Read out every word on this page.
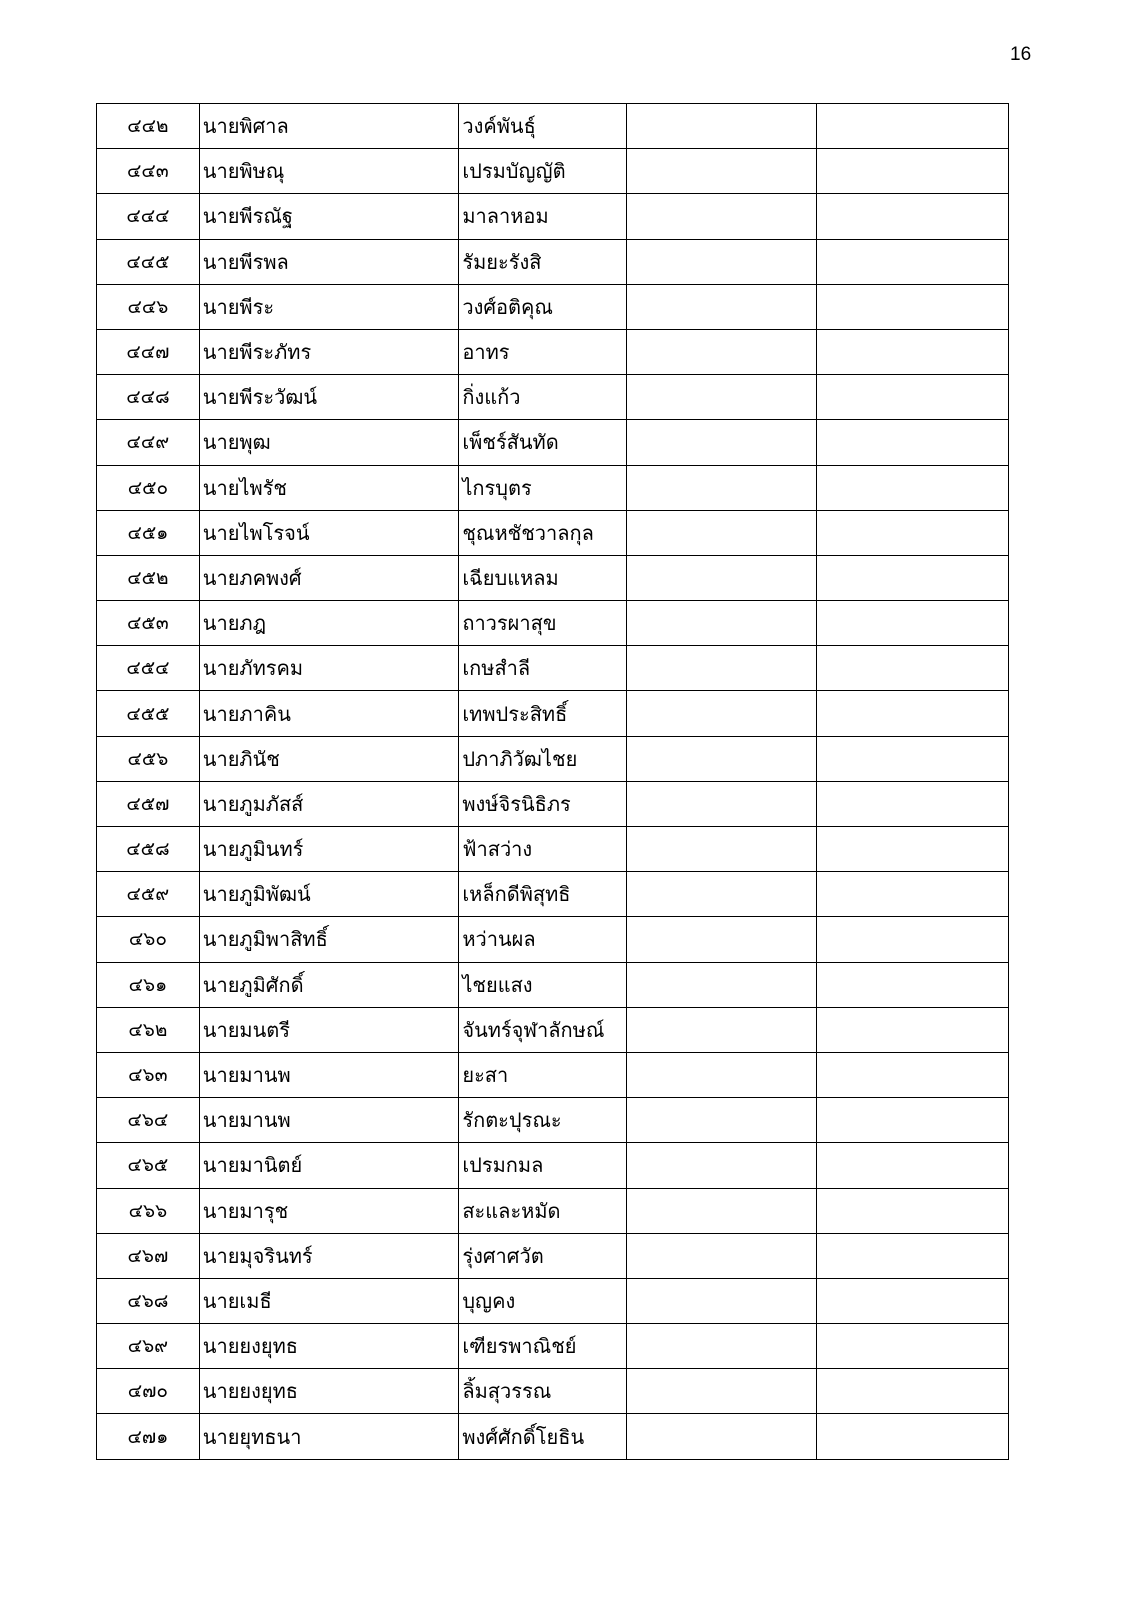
16
๔๔๒	นายพิศาล	วงค์พันธุ์		
๔๔๓	นายพิษณุ	เปรมบัญญัติ		
๔๔๔	นายพีรณัฐ	มาลาหอม		
๔๔๕	นายพีรพล	รัมยะรังสิ		
๔๔๖	นายพีระ	วงศ์อติคุณ		
๔๔๗	นายพีระภัทร	อาทร		
๔๔๘	นายพีระวัฒน์	กิ่งแก้ว		
๔๔๙	นายพุฒ	เพ็ชร์สันทัด		
๔๕๐	นายไพรัช	ไกรบุตร		
๔๕๑	นายไพโรจน์	ชุณหชัชวาลกุล		
๔๕๒	นายภคพงศ์	เฉียบแหลม		
๔๕๓	นายภฎ	ถาวรผาสุข		
๔๕๔	นายภัทรคม	เกษสำลี		
๔๕๕	นายภาคิน	เทพประสิทธิ์		
๔๕๖	นายภินัช	ปภาภิวัฒไชย		
๔๕๗	นายภูมภัสส์	พงษ์จิรนิธิภร		
๔๕๘	นายภูมินทร์	ฟ้าสว่าง		
๔๕๙	นายภูมิพัฒน์	เหล็กดีพิสุทธิ		
๔๖๐	นายภูมิพาสิทธิ์	หว่านผล		
๔๖๑	นายภูมิศักดิ์	ไชยแสง		
๔๖๒	นายมนตรี	จันทร์จุฬาลักษณ์		
๔๖๓	นายมานพ	ยะสา		
๔๖๔	นายมานพ	รักตะปุรณะ		
๔๖๕	นายมานิตย์	เปรมกมล		
๔๖๖	นายมารุช	สะและหมัด		
๔๖๗	นายมุจรินทร์	รุ่งศาศวัต		
๔๖๘	นายเมธี	บุญคง		
๔๖๙	นายยงยุทธ	เฑียรพาณิชย์		
๔๗๐	นายยงยุทธ	ลิ้มสุวรรณ		
๔๗๑	นายยุทธนา	พงศ์ศักดิ์โยธิน		
